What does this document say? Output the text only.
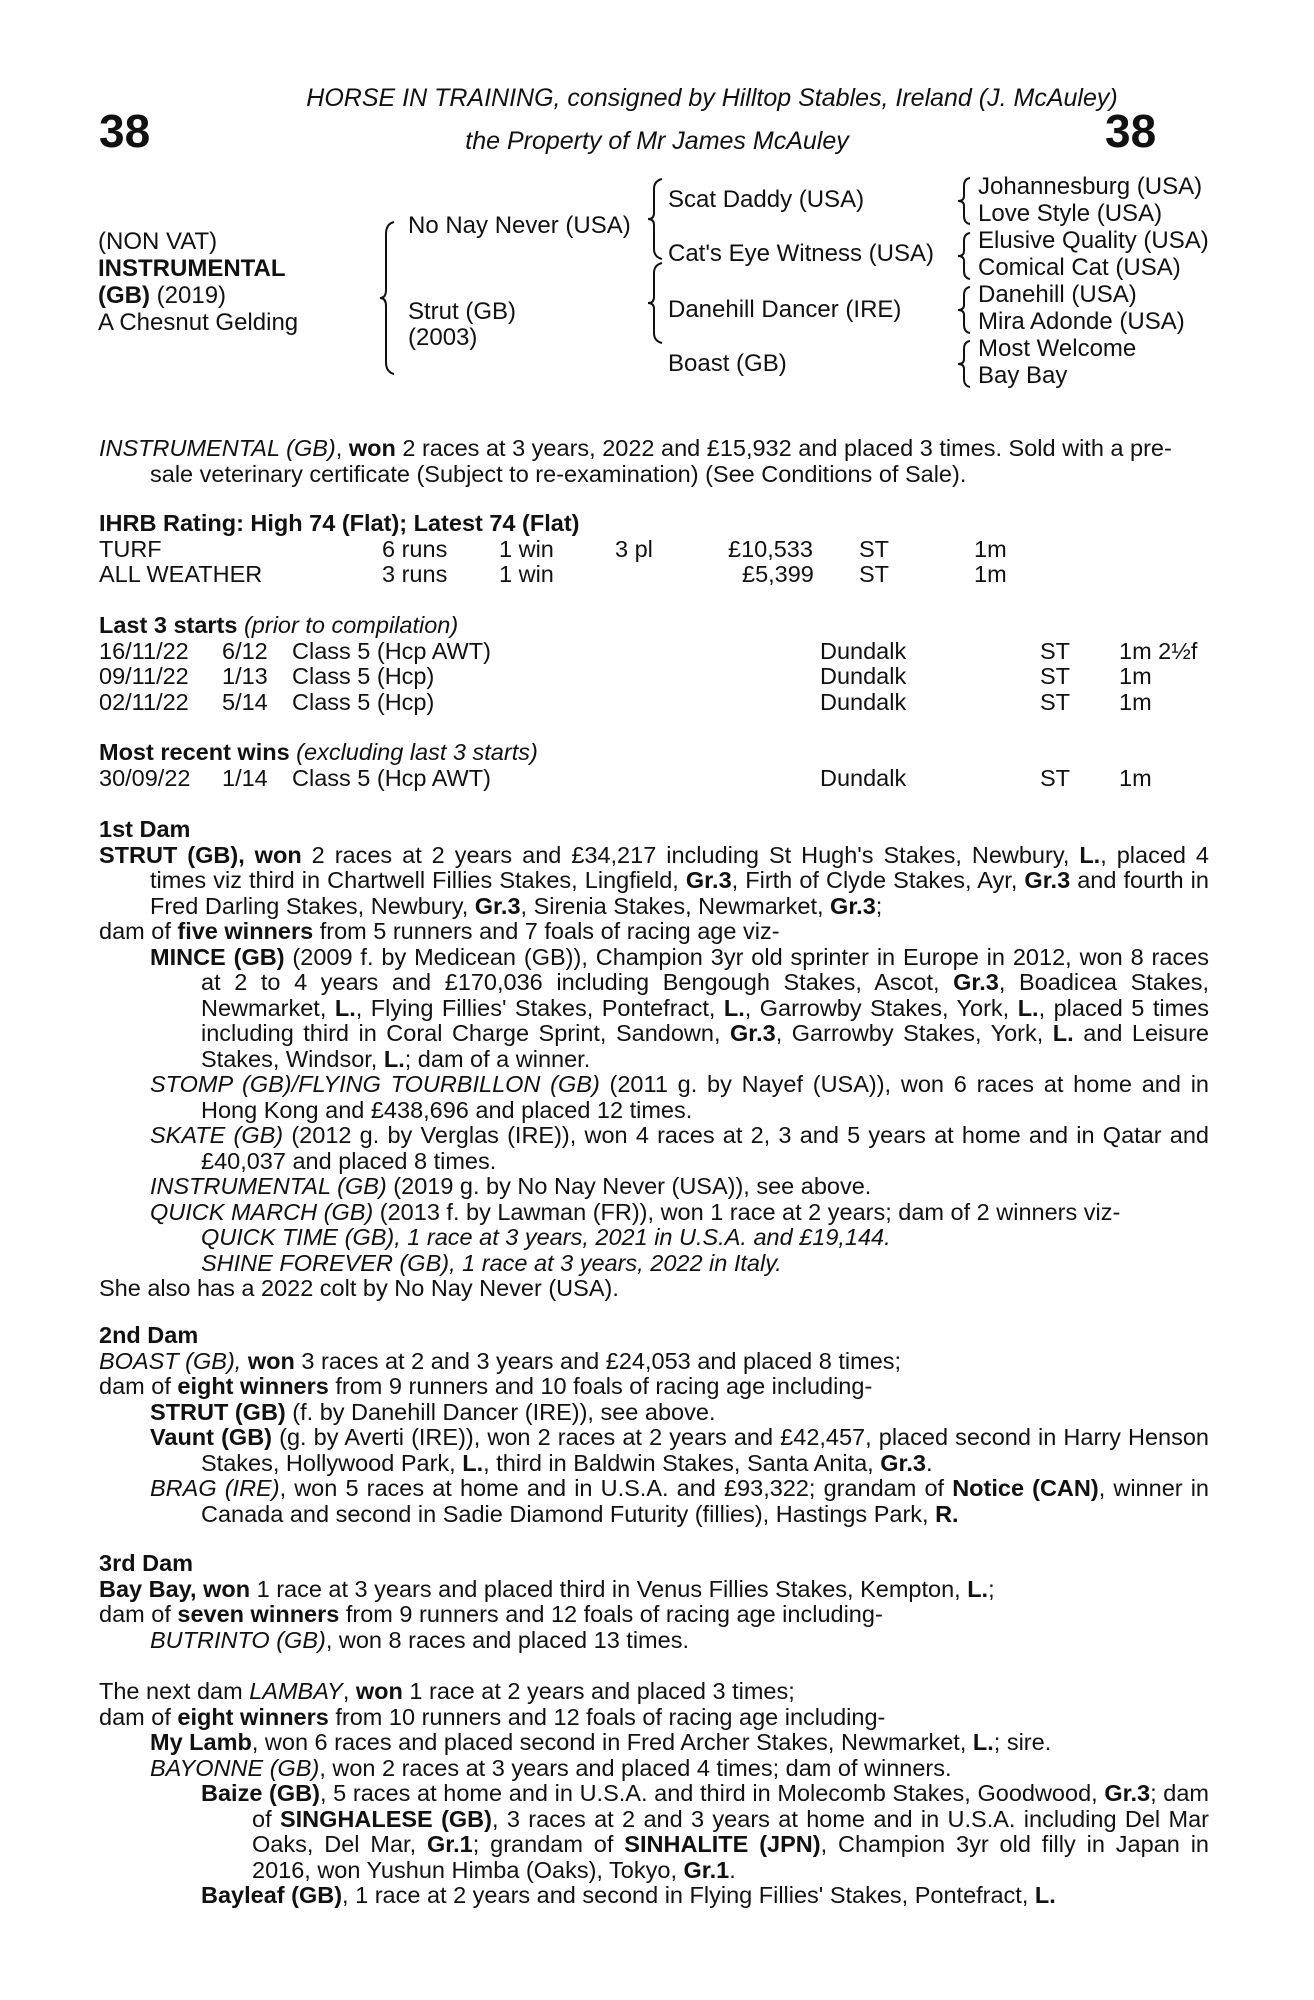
38	38
HORSE IN TRAINING, consigned by Hilltop Stables, Ireland (J. McAuley)
the Property of Mr James McAuley
(NON VAT)
INSTRUMENTAL
(GB) (2019)
A Chesnut Gelding
No Nay Never (USA)
Strut (GB)
(2003)
Scat Daddy (USA)
Cat's Eye Witness (USA)
Danehill Dancer (IRE)
Boast (GB)
Johannesburg (USA)
Love Style (USA)
Elusive Quality (USA)
Comical Cat (USA)
Danehill (USA)
Mira Adonde (USA)
Most Welcome
Bay Bay

INSTRUMENTAL (GB), won 2 races at 3 years, 2022 and £15,932 and placed 3 times. Sold with a pre-sale veterinary certificate (Subject to re-examination) (See Conditions of Sale).

IHRB Rating: High 74 (Flat); Latest 74 (Flat)

TURF	6 runs 1 win	3 pl	£10,533 ST	1m
ALL WEATHER	3 runs 1 win	£5,399 ST	1m

Last 3 starts (prior to compilation)

16/11/22 6/12 Class 5 (Hcp AWT)	Dundalk	ST 1m 2½f
09/11/22 1/13 Class 5 (Hcp)	Dundalk	ST 1m
02/11/22 5/14 Class 5 (Hcp)	Dundalk	ST 1m

Most recent wins (excluding last 3 starts)

30/09/22 1/14 Class 5 (Hcp AWT)	Dundalk	ST 1m

1st Dam

STRUT (GB), won 2 races at 2 years and £34,217 including St Hugh's Stakes, Newbury, L., placed 4 times viz third in Chartwell Fillies Stakes, Lingfield, Gr.3, Firth of Clyde Stakes, Ayr, Gr.3 and fourth in Fred Darling Stakes, Newbury, Gr.3, Sirenia Stakes, Newmarket, Gr.3;

dam of five winners from 5 runners and 7 foals of racing age viz-

MINCE (GB) (2009 f. by Medicean (GB)), Champion 3yr old sprinter in Europe in 2012, won 8 races at 2 to 4 years and £170,036 including Bengough Stakes, Ascot, Gr.3, Boadicea Stakes, Newmarket, L., Flying Fillies' Stakes, Pontefract, L., Garrowby Stakes, York, L., placed 5 times including third in Coral Charge Sprint, Sandown, Gr.3, Garrowby Stakes, York, L. and Leisure Stakes, Windsor, L.; dam of a winner.

STOMP (GB)/FLYING TOURBILLON (GB) (2011 g. by Nayef (USA)), won 6 races at home and in Hong Kong and £438,696 and placed 12 times.

SKATE (GB) (2012 g. by Verglas (IRE)), won 4 races at 2, 3 and 5 years at home and in Qatar and £40,037 and placed 8 times.

INSTRUMENTAL (GB) (2019 g. by No Nay Never (USA)), see above.

QUICK MARCH (GB) (2013 f. by Lawman (FR)), won 1 race at 2 years; dam of 2 winners viz-

QUICK TIME (GB), 1 race at 3 years, 2021 in U.S.A. and £19,144.

SHINE FOREVER (GB), 1 race at 3 years, 2022 in Italy.

She also has a 2022 colt by No Nay Never (USA).

2nd Dam

BOAST (GB), won 3 races at 2 and 3 years and £24,053 and placed 8 times;

dam of eight winners from 9 runners and 10 foals of racing age including-

STRUT (GB) (f. by Danehill Dancer (IRE)), see above.

Vaunt (GB) (g. by Averti (IRE)), won 2 races at 2 years and £42,457, placed second in Harry Henson Stakes, Hollywood Park, L., third in Baldwin Stakes, Santa Anita, Gr.3.

BRAG (IRE), won 5 races at home and in U.S.A. and £93,322; grandam of Notice (CAN), winner in Canada and second in Sadie Diamond Futurity (fillies), Hastings Park, R.

3rd Dam

Bay Bay, won 1 race at 3 years and placed third in Venus Fillies Stakes, Kempton, L.;

dam of seven winners from 9 runners and 12 foals of racing age including-

BUTRINTO (GB), won 8 races and placed 13 times.

The next dam LAMBAY, won 1 race at 2 years and placed 3 times;

dam of eight winners from 10 runners and 12 foals of racing age including-

My Lamb, won 6 races and placed second in Fred Archer Stakes, Newmarket, L.; sire.

BAYONNE (GB), won 2 races at 3 years and placed 4 times; dam of winners.

Baize (GB), 5 races at home and in U.S.A. and third in Molecomb Stakes, Goodwood, Gr.3; dam of SINGHALESE (GB), 3 races at 2 and 3 years at home and in U.S.A. including Del Mar Oaks, Del Mar, Gr.1; grandam of SINHALITE (JPN), Champion 3yr old filly in Japan in 2016, won Yushun Himba (Oaks), Tokyo, Gr.1.

Bayleaf (GB), 1 race at 2 years and second in Flying Fillies' Stakes, Pontefract, L.
